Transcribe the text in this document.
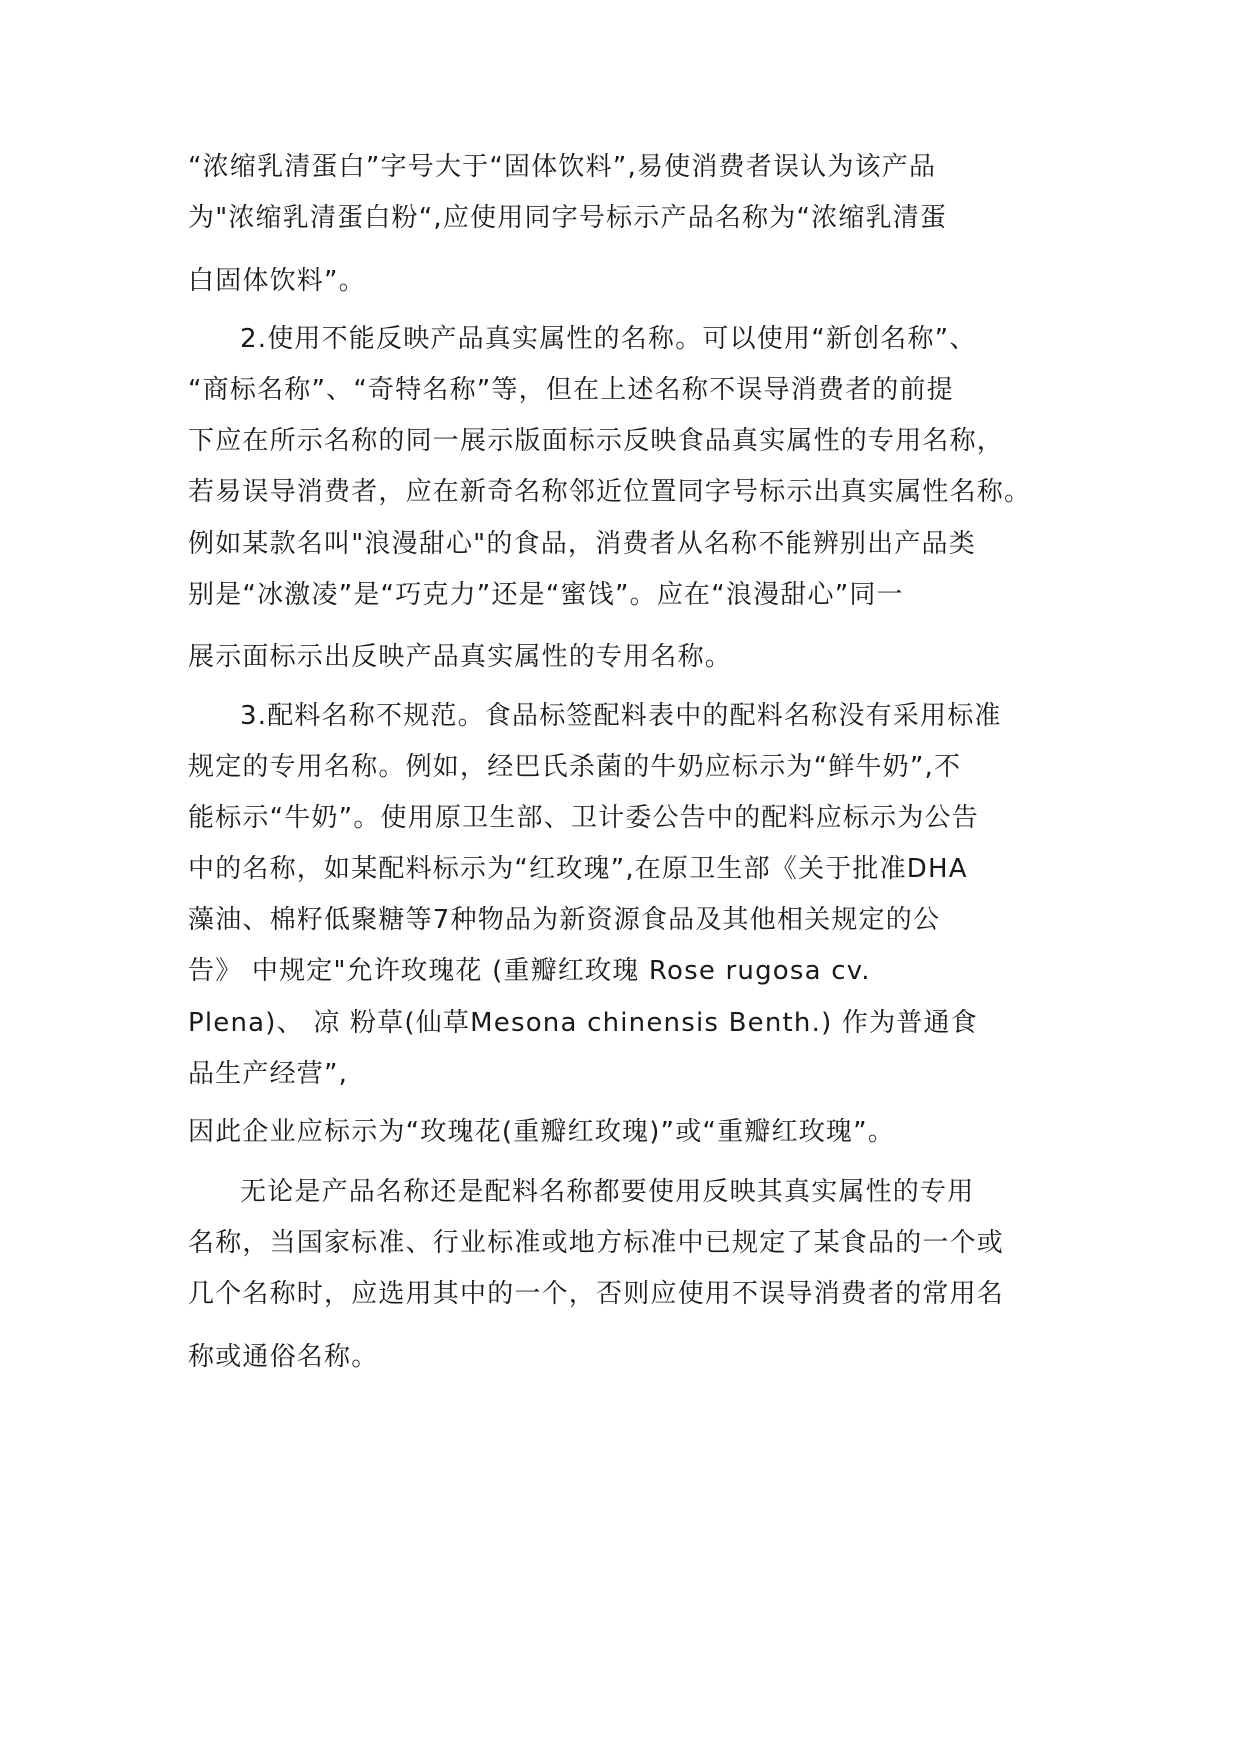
“浓缩乳清蛋白”字号大于“固体饮料”,易使消费者误认为该产品
为"浓缩乳清蛋白粉“,应使用同字号标示产品名称为“浓缩乳清蛋
白固体饮料”。
2.使用不能反映产品真实属性的名称。可以使用“新创名称”、
“商标名称”、“奇特名称”等，但在上述名称不误导消费者的前提
下应在所示名称的同一展示版面标示反映食品真实属性的专用名称，
若易误导消费者，应在新奇名称邻近位置同字号标示出真实属性名称。
例如某款名叫"浪漫甜心"的食品，消费者从名称不能辨别出产品类
别是“冰激凌”是“巧克力”还是“蜜饯”。应在“浪漫甜心”同一
展示面标示出反映产品真实属性的专用名称。
3.配料名称不规范。食品标签配料表中的配料名称没有采用标准
规定的专用名称。例如，经巴氏杀菌的牛奶应标示为“鲜牛奶”,不
能标示“牛奶”。使用原卫生部、卫计委公告中的配料应标示为公告
中的名称，如某配料标示为“红玫瑰”,在原卫生部《关于批准DHA
藻油、棉籽低聚糖等7种物品为新资源食品及其他相关规定的公
告》 中规定"允许玫瑰花 (重瓣红玫瑰 Rose rugosa cv.
Plena)、 凉 粉草(仙草Mesona chinensis Benth.) 作为普通食
品生产经营”,
因此企业应标示为“玫瑰花(重瓣红玫瑰)”或“重瓣红玫瑰”。
无论是产品名称还是配料名称都要使用反映其真实属性的专用
名称，当国家标准、行业标准或地方标准中已规定了某食品的一个或
几个名称时，应选用其中的一个，否则应使用不误导消费者的常用名
称或通俗名称。
